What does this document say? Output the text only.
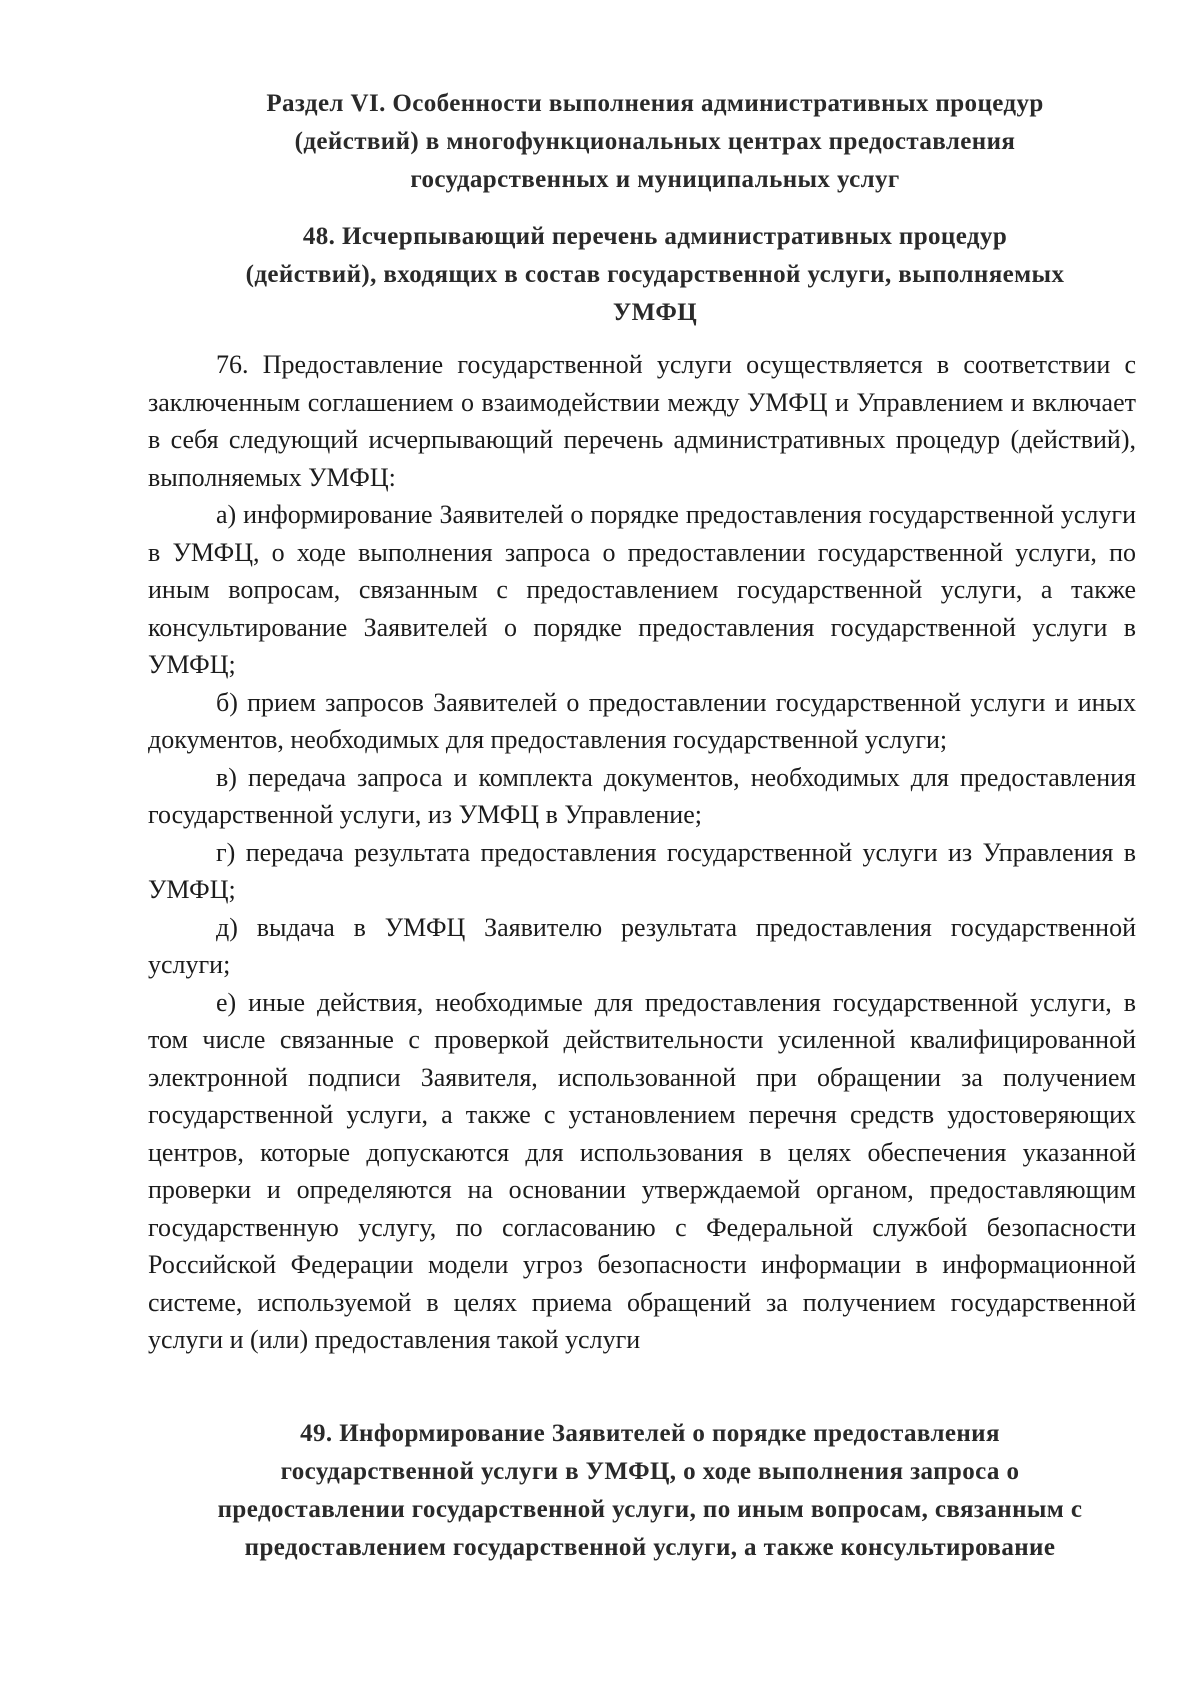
Раздел VI. Особенности выполнения административных процедур
(действий) в многофункциональных центрах предоставления
государственных и муниципальных услуг
48. Исчерпывающий перечень административных процедур
(действий), входящих в состав государственной услуги, выполняемых
УМФЦ

76. Предоставление государственной услуги осуществляется в соответствии с заключенным соглашением о взаимодействии между УМФЦ и Управлением и включает в себя следующий исчерпывающий перечень административных процедур (действий), выполняемых УМФЦ:

а) информирование Заявителей о порядке предоставления государственной услуги в УМФЦ, о ходе выполнения запроса о предоставлении государственной услуги, по иным вопросам, связанным с предоставлением государственной услуги, а также консультирование Заявителей о порядке предоставления государственной услуги в УМФЦ;

б) прием запросов Заявителей о предоставлении государственной услуги и иных документов, необходимых для предоставления государственной услуги;

в) передача запроса и комплекта документов, необходимых для предоставления государственной услуги, из УМФЦ в Управление;

г) передача результата предоставления государственной услуги из Управления в УМФЦ;

д) выдача в УМФЦ Заявителю результата предоставления государственной услуги;

е) иные действия, необходимые для предоставления государственной услуги, в том числе связанные с проверкой действительности усиленной квалифицированной электронной подписи Заявителя, использованной при обращении за получением государственной услуги, а также с установлением перечня средств удостоверяющих центров, которые допускаются для использования в целях обеспечения указанной проверки и определяются на основании утверждаемой органом, предоставляющим государственную услугу, по согласованию с Федеральной службой безопасности Российской Федерации модели угроз безопасности информации в информационной системе, используемой в целях приема обращений за получением государственной услуги и (или) предоставления такой услуги

49. Информирование Заявителей о порядке предоставления
государственной услуги в УМФЦ, о ходе выполнения запроса о
предоставлении государственной услуги, по иным вопросам, связанным с
предоставлением государственной услуги, а также консультирование
